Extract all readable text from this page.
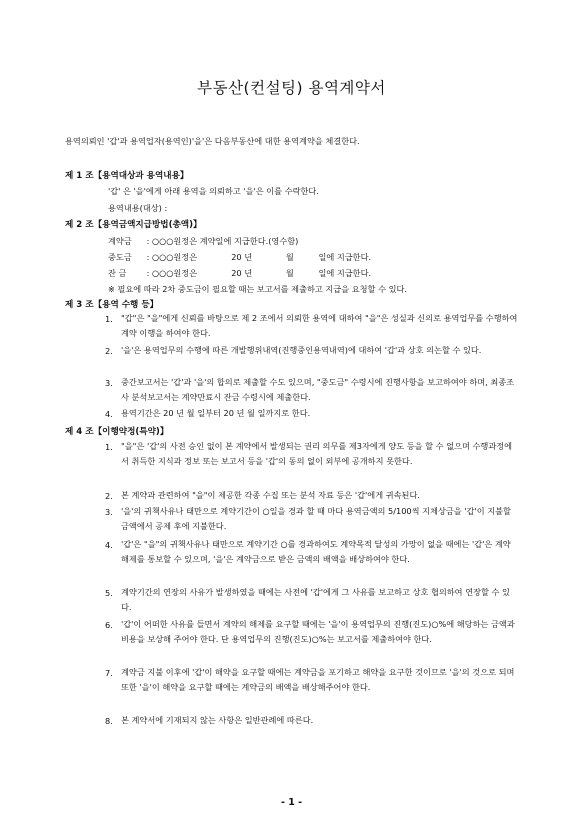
부동산(컨설팅) 용역계약서
용역의뢰인 '갑'과 용역업자(용역인)'을'은 다음부동산에 대한 용역계약을 체결한다.
제 1 조【용역대상과 용역내용】
'갑' 은 '을'에게 아래 용역을 의뢰하고 '을'은 이를 수락한다.
용역내용(대상) :
제 2 조【용역금액지급방법(총액)】
계약금 : ○○○원정은 계약일에 지급한다.(영수함)
중도금 : ○○○원정은	20 년	월	일에 지급한다.
잔 금 : ○○○원정은	20 년	월	일에 지급한다.
※ 필요에 따라 2차 중도금이 필요할 때는 보고서를 제출하고 지급을 요청할 수 있다.
제 3 조【용역 수행 등】
1. "갑"은 "을"에게 신뢰를 바탕으로 제 2 조에서 의뢰한 용역에 대하여 "을"은 성실과 신의로 용역업무를 수행하여 계약 이행을 하여야 한다.
2. '을'은 용역업무의 수행에 따른 개발행위내역(진행중인용역내역)에 대하여 '갑'과 상호 의논할 수 있다.
3. 중간보고서는 '갑'과 '을'의 합의로 제출할 수도 있으며, "중도금" 수령시에 진행사항을 보고하여야 하며, 최종조사 분석보고서는 계약만료시 잔금 수령시에 제출한다.
4. 용역기간은 20 년 월 일부터 20 년 월 일까지로 한다.
제 4 조【이행약정(특약)】
1. "을"은 '갑'의 사전 승인 없이 본 계약에서 발생되는 권리 의무를 제3자에게 양도 등을 할 수 없으며 수행과정에서 취득한 지식과 정보 또는 보고서 등을 '갑'의 동의 없이 외부에 공개하지 못한다.
2. 본 계약과 관련하여 "을"이 제공한 각종 수집 또는 분석 자료 등은 '갑'에게 귀속된다.
3. '을'의 귀책사유나 태만으로 계약기간이 ○일을 경과 할 때 마다 용역금액의 5/100씩 지체상금을 '갑'이 지불할 금액에서 공제 후에 지불한다.
4. '갑'은 "을"의 귀책사유나 태만으로 계약기간 ○를 경과하여도 계약목적 달성의 가망이 없을 때에는 '갑'은 계약 해제를 통보할 수 있으며, '을'은 계약금으로 받은 금액의 배액을 배상하여야 한다.
5. 계약기간의 연장의 사유가 발생하였을 때에는 사전에 '갑'에게 그 사유를 보고하고 상호 협의하여 연장할 수 있다.
6. '갑'이 어떠한 사유를 들면서 계약의 해제를 요구할 때에는 '을'이 용역업무의 진행(진도)○%에 해당하는 금액과 비용을 보상해 주어야 한다. 단 용역업무의 진행(진도)○%는 보고서를 제출하여야 한다.
7. 계약금 지불 이후에 '갑'이 해약을 요구할 때에는 계약금을 포기하고 해약을 요구한 것이므로 '을'의 것으로 되며 또한 '을'이 해약을 요구할 때에는 계약금의 배액을 배상해주어야 한다.
8. 본 계약서에 기재되지 않는 사항은 일반관례에 따른다.
- 1 -
